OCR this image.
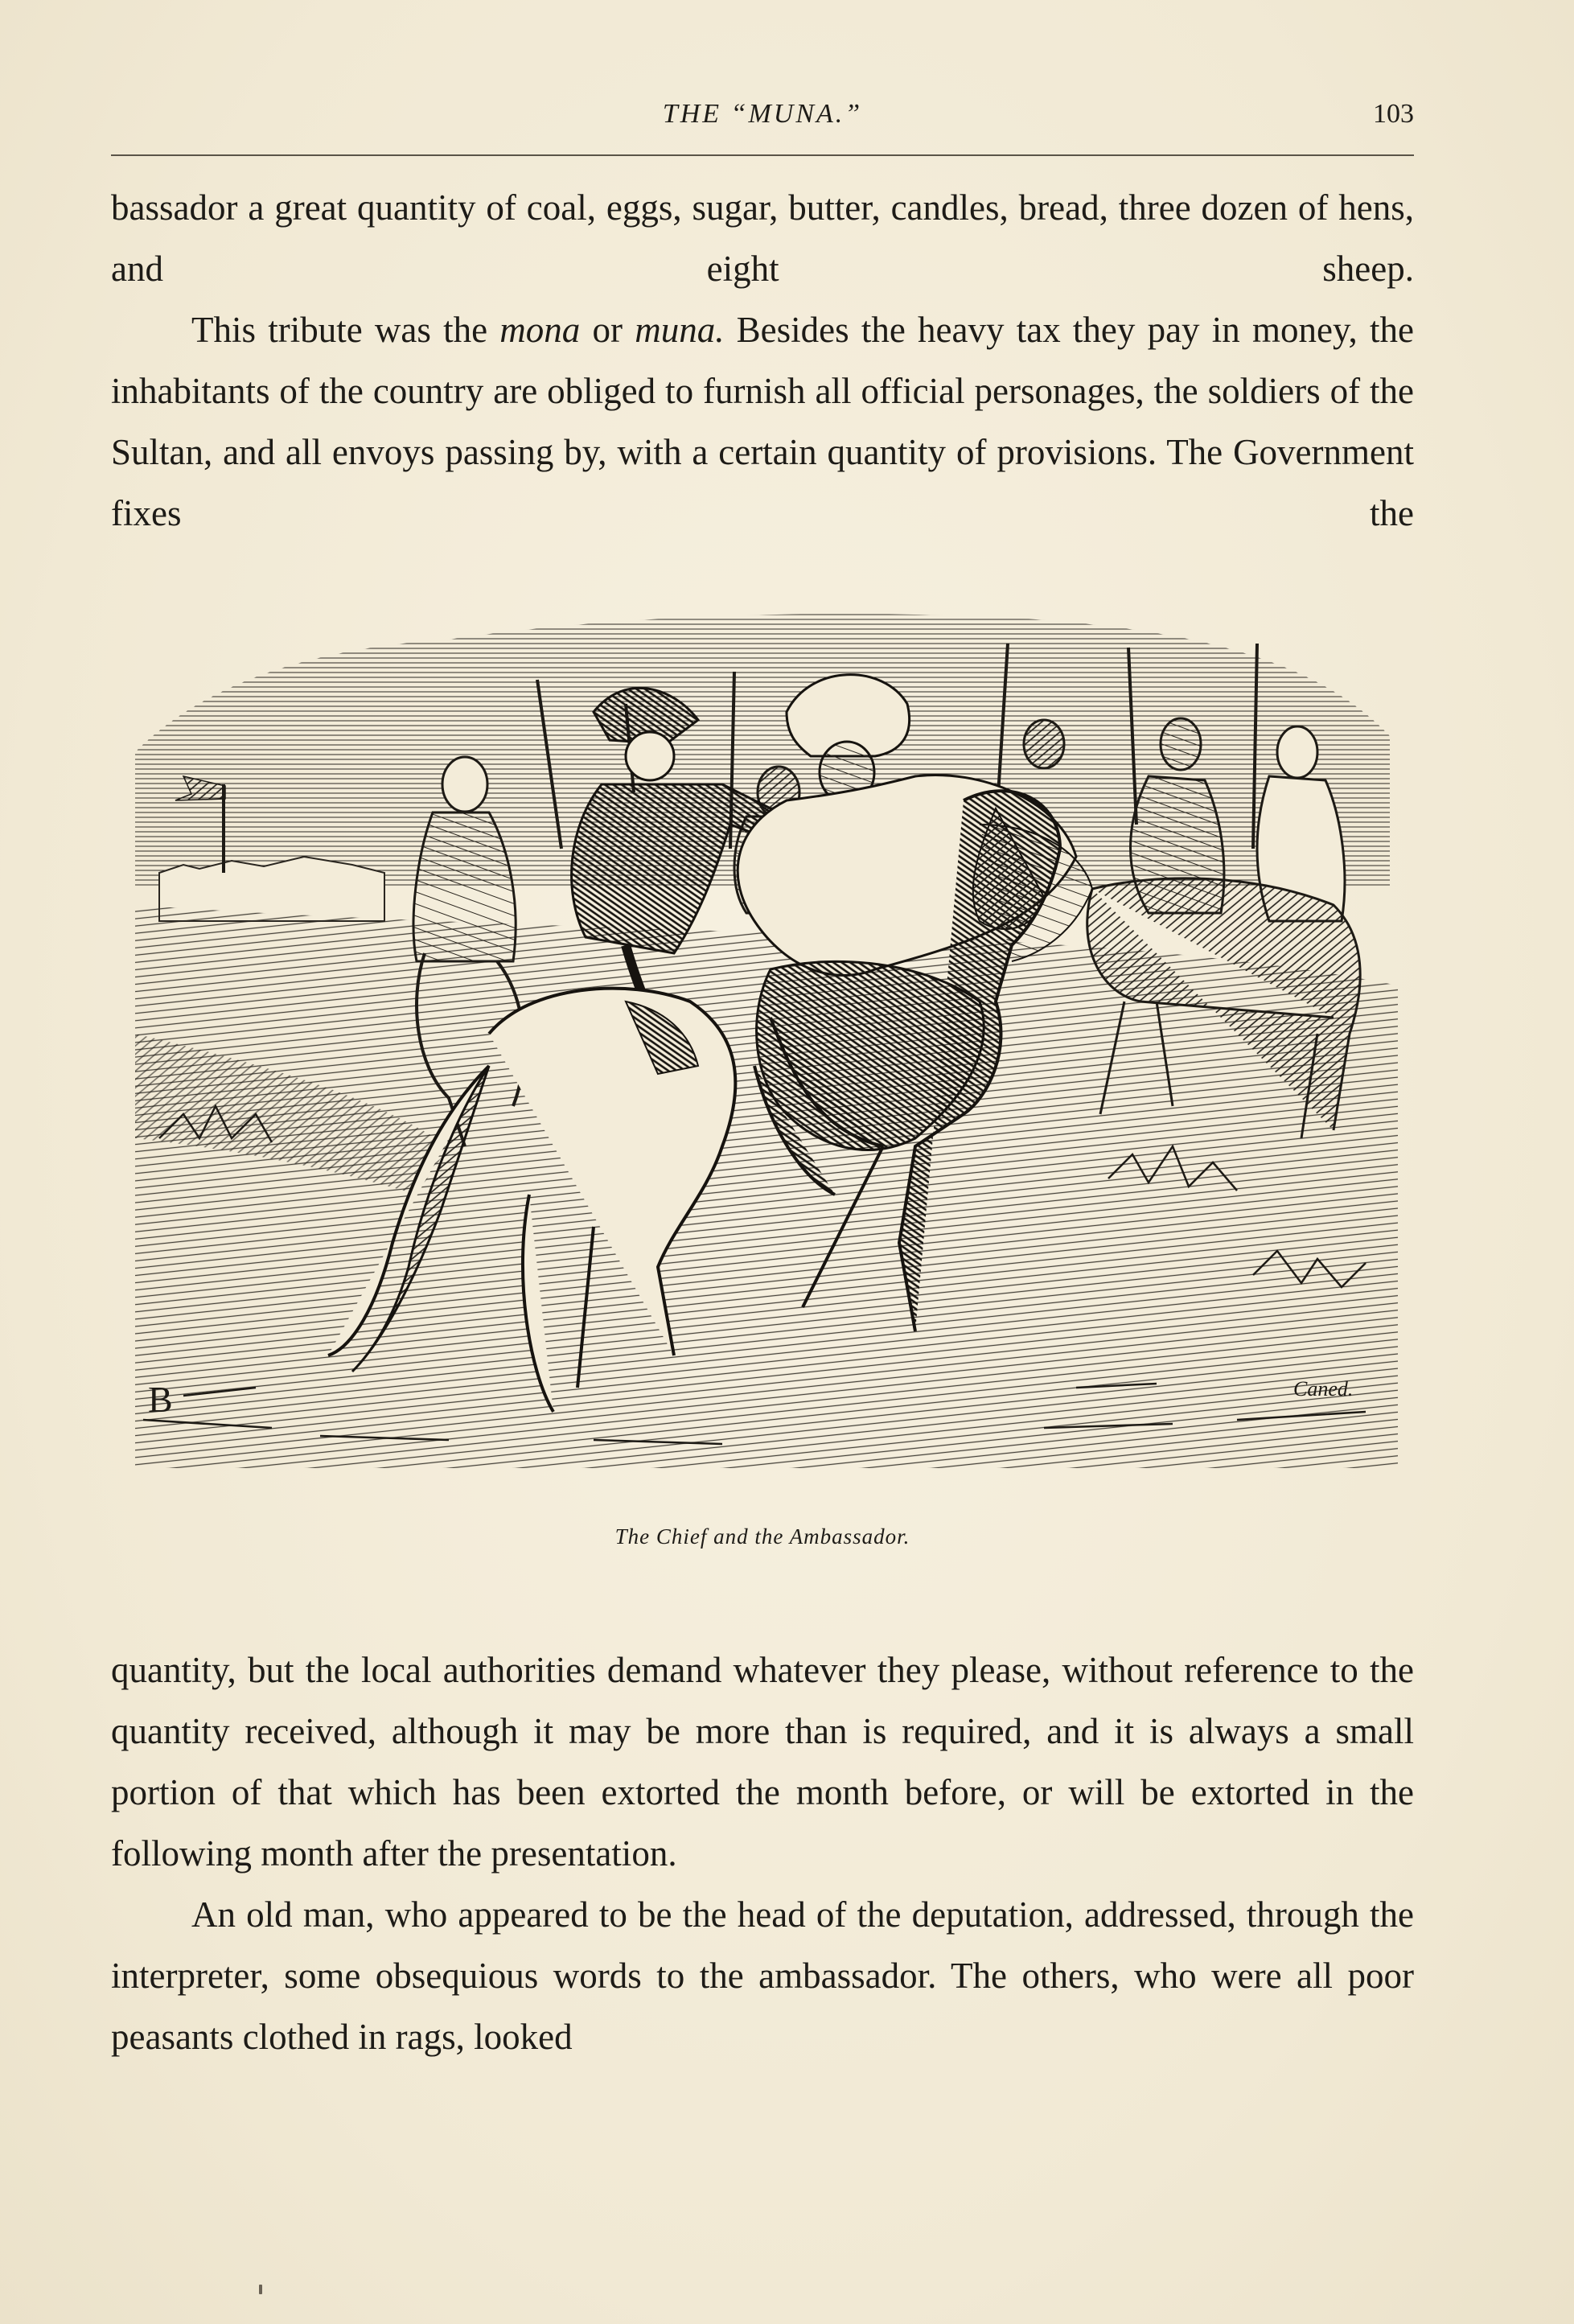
THE “MUNA.”	103

bassador a great quantity of coal, eggs, sugar, butter, candles, bread, three dozen of hens, and eight sheep.

This tribute was the mona or muna. Besides the heavy tax they pay in money, the inhabitants of the country are obliged to furnish all official personages, the soldiers of the Sultan, and all envoys passing by, with a certain quantity of provisions. The Government fixes the

B	Caned.
The Chief and the Ambassador.

quantity, but the local authorities demand whatever they please, without reference to the quantity received, although it may be more than is required, and it is always a small portion of that which has been extorted the month before, or will be extorted in the following month after the presentation.

An old man, who appeared to be the head of the deputation, addressed, through the interpreter, some obsequious words to the ambassador. The others, who were all poor peasants clothed in rags, looked
